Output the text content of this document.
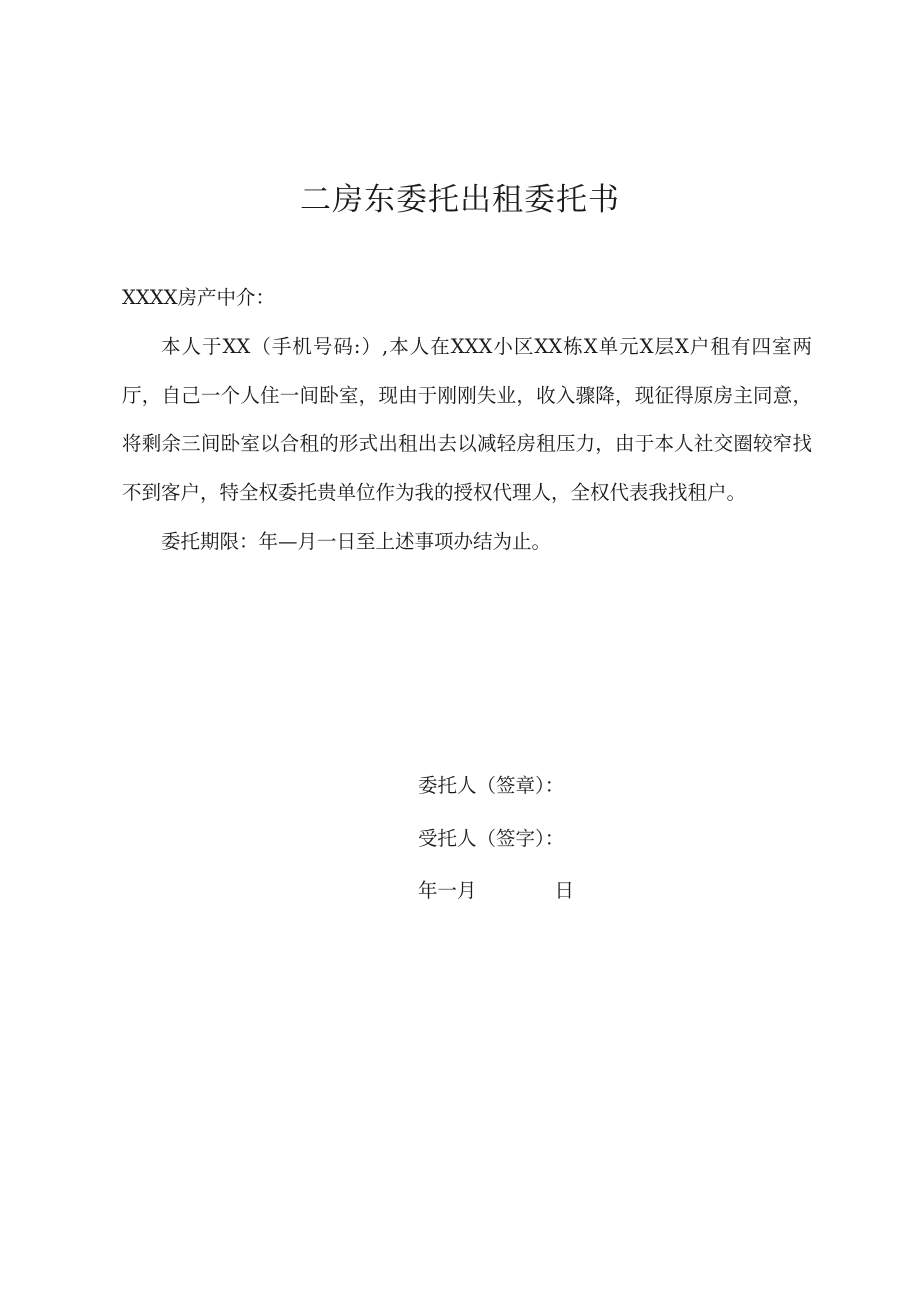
二房东委托出租委托书

XXXX房产中介：

本人于XX（手机号码:）,本人在XXX小区XX栋X单元X层X户租有四室两厅，自己一个人住一间卧室，现由于刚刚失业，收入骤降，现征得原房主同意，将剩余三间卧室以合租的形式出租出去以减轻房租压力，由于本人社交圈较窄找不到客户，特全权委托贵单位作为我的授权代理人，全权代表我找租户。

委托期限：年—月一日至上述事项办结为止。

委托人（签章）：
受托人（签字）：
年一月	日
